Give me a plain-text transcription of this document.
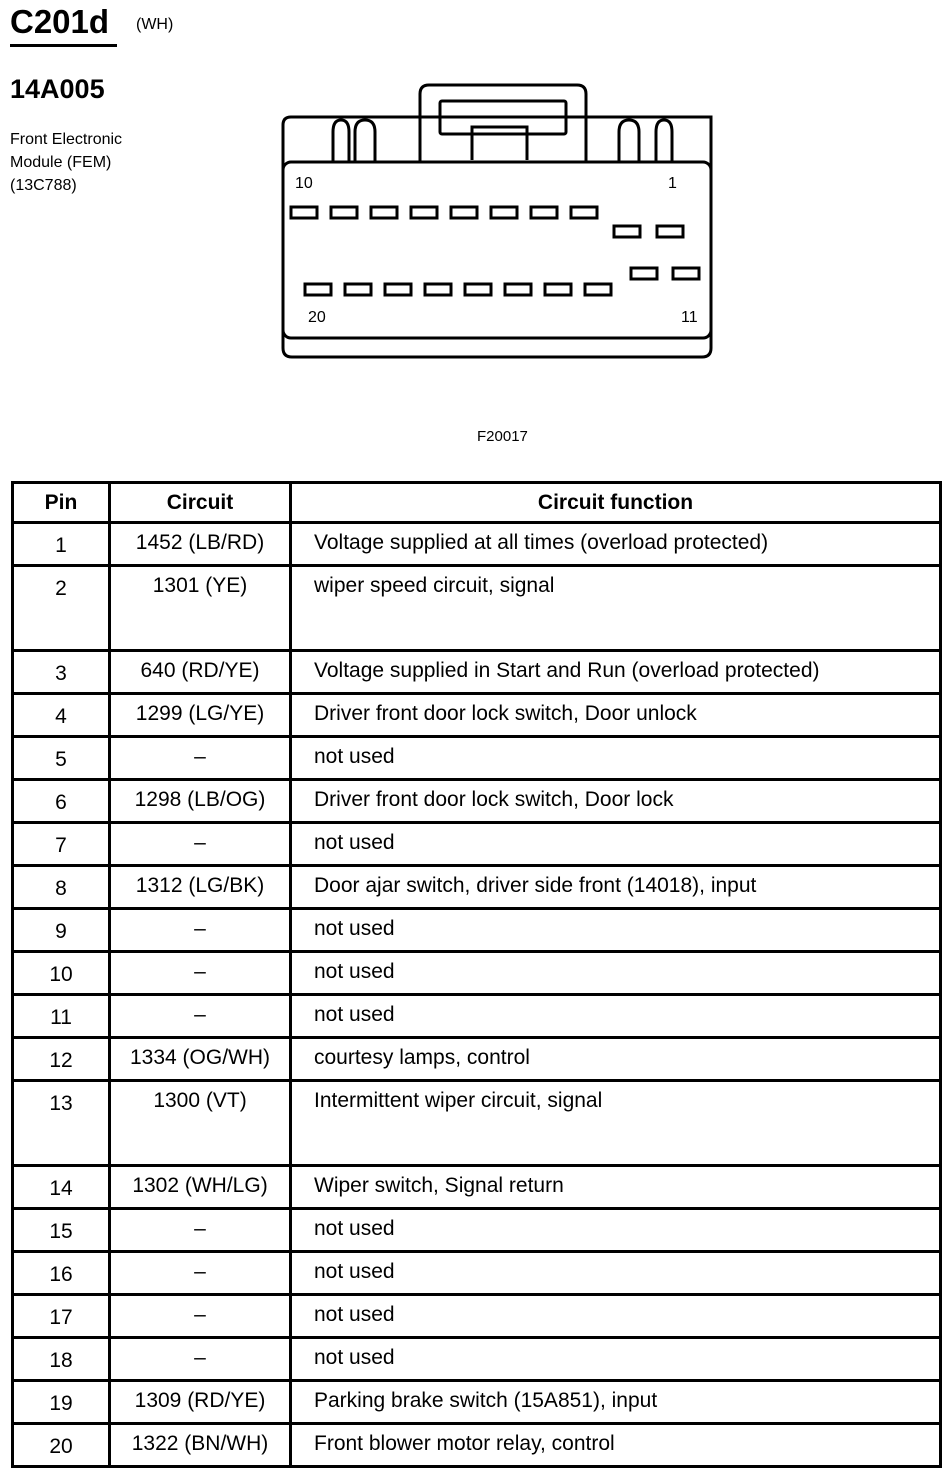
C201d (WH)
14A005
Front Electronic
Module (FEM)
(13C788)	10	1
20	11
F20017
Pin	Circuit	Circuit function
1	1452 (LB/RD)	Voltage supplied at all times (overload protected)
2	1301 (YE)	wiper speed circuit, signal
3	640 (RD/YE)	Voltage supplied in Start and Run (overload protected)
4	1299 (LG/YE)	Driver front door lock switch, Door unlock
5	–	not used
6	1298 (LB/OG)	Driver front door lock switch, Door lock
7	–	not used
8	1312 (LG/BK)	Door ajar switch, driver side front (14018), input
9	–	not used
10	–	not used
11	–	not used
12	1334 (OG/WH)	courtesy lamps, control
13	1300 (VT)	Intermittent wiper circuit, signal
14	1302 (WH/LG)	Wiper switch, Signal return
15	–	not used
16	–	not used
17	–	not used
18	–	not used
19	1309 (RD/YE)	Parking brake switch (15A851), input
20	1322 (BN/WH)	Front blower motor relay, control
